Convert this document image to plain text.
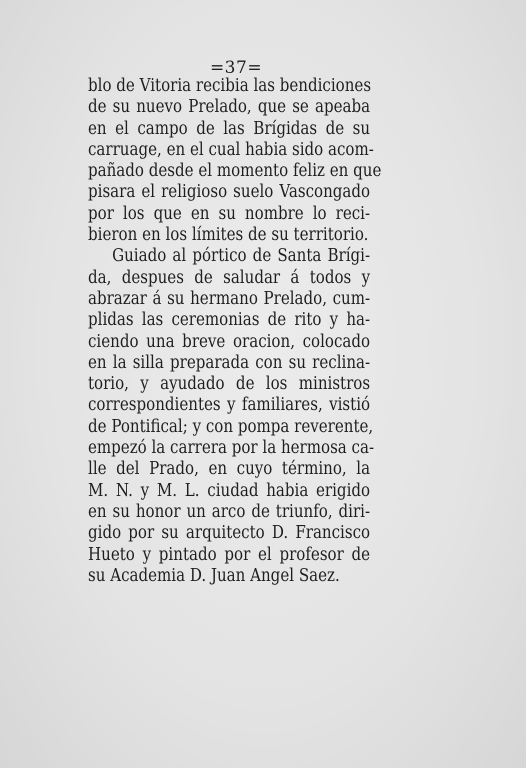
=37=
blo de Vitoria recibia las bendiciones
de su nuevo Prelado, que se apeaba
en el campo de las Brígidas de su
carruage, en el cual habia sido acom-
pañado desde el momento feliz en que
pisara el religioso suelo Vascongado
por los que en su nombre lo reci-
bieron en los límites de su territorio.
Guiado al pórtico de Santa Brígi-
da, despues de saludar á todos y
abrazar á su hermano Prelado, cum-
plidas las ceremonias de rito y ha-
ciendo una breve oracion, colocado
en la silla preparada con su reclina-
torio, y ayudado de los ministros
correspondientes y familiares, vistió
de Pontifical; y con pompa reverente,
empezó la carrera por la hermosa ca-
lle del Prado, en cuyo término, la
M. N. y M. L. ciudad habia erigido
en su honor un arco de triunfo, diri-
gido por su arquitecto D. Francisco
Hueto y pintado por el profesor de
su Academia D. Juan Angel Saez.
